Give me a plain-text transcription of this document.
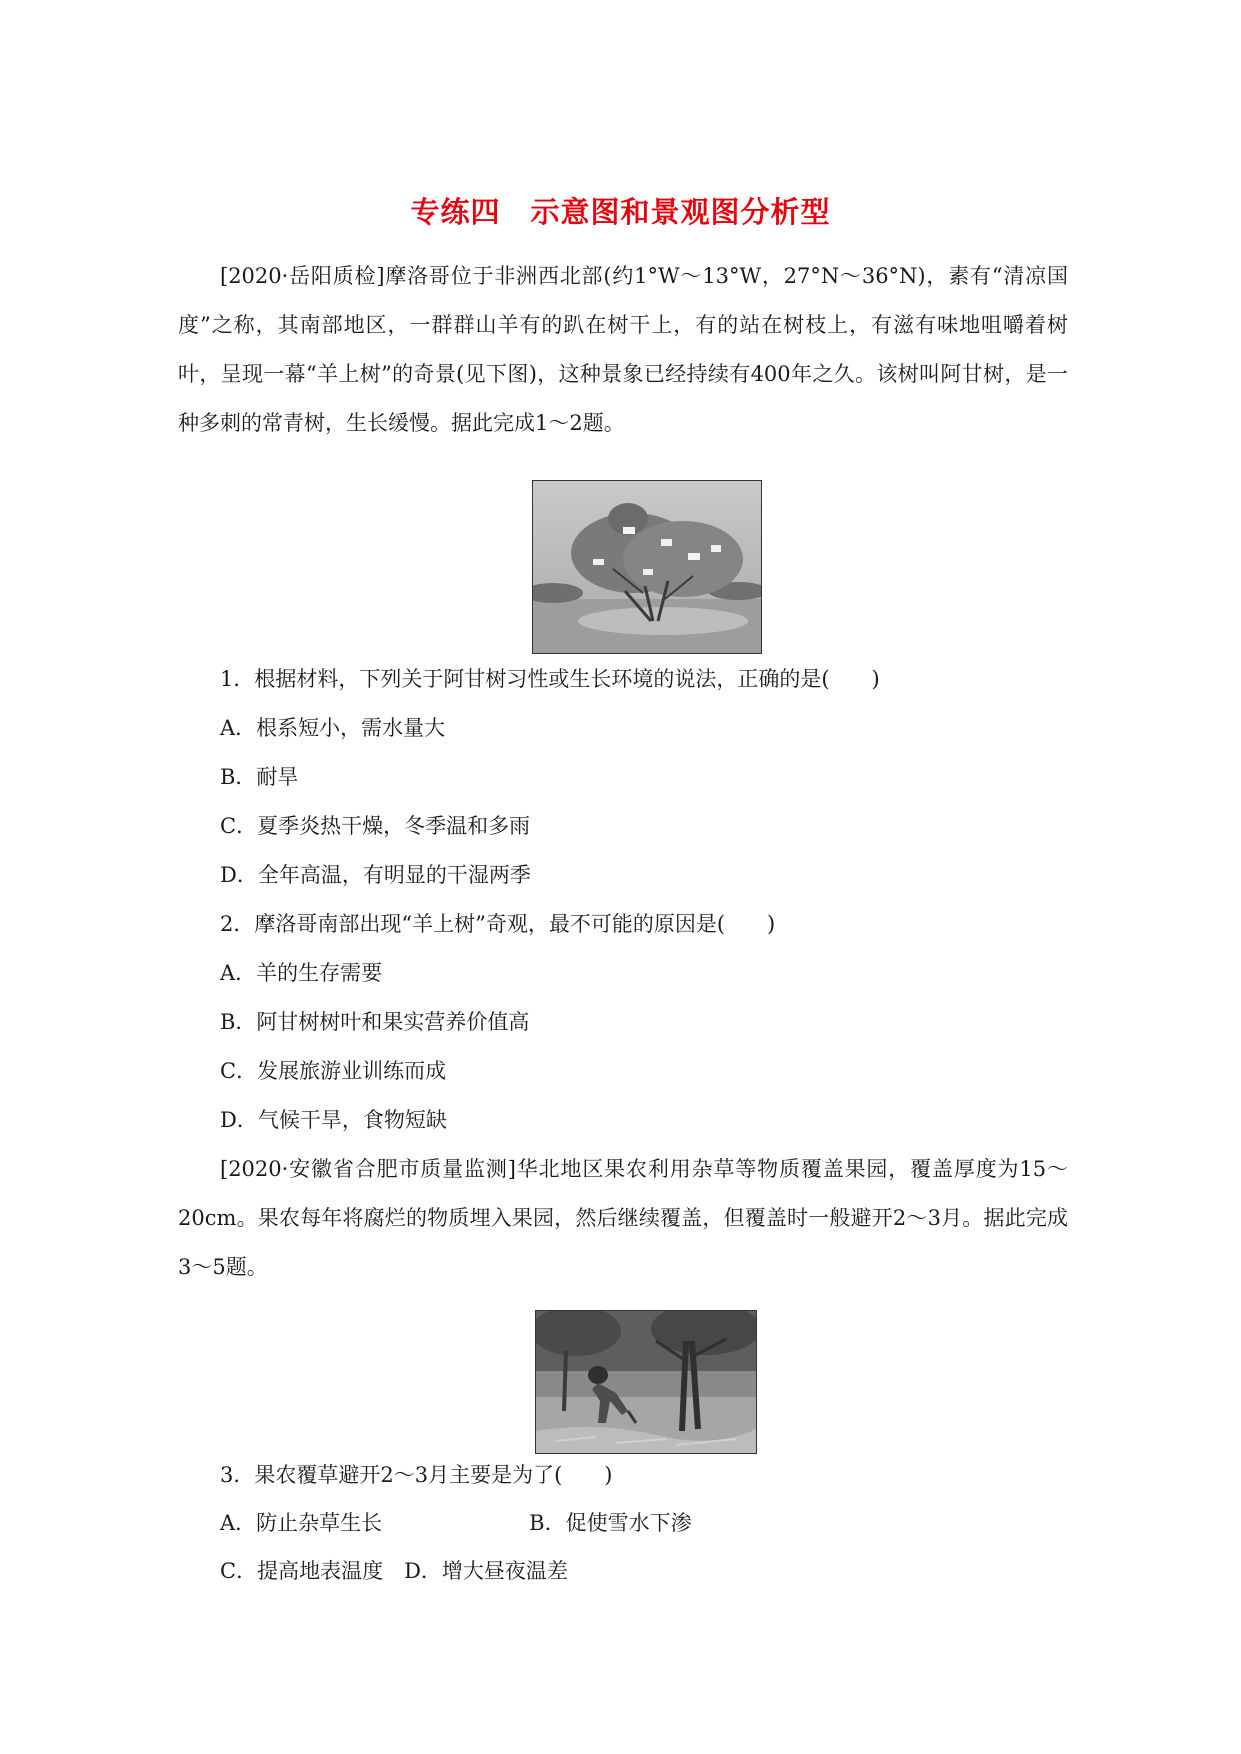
专练四　示意图和景观图分析型
[2020·岳阳质检]摩洛哥位于非洲西北部(约1°W～13°W，27°N～36°N)，素有“清凉国度”之称，其南部地区，一群群山羊有的趴在树干上，有的站在树枝上，有滋有味地咀嚼着树叶，呈现一幕“羊上树”的奇景(见下图)，这种景象已经持续有400年之久。该树叫阿甘树，是一种多刺的常青树，生长缓慢。据此完成1～2题。
1．根据材料，下列关于阿甘树习性或生长环境的说法，正确的是(　　)
A．根系短小，需水量大
B．耐旱
C．夏季炎热干燥，冬季温和多雨
D．全年高温，有明显的干湿两季
2．摩洛哥南部出现“羊上树”奇观，最不可能的原因是(　　)
A．羊的生存需要
B．阿甘树树叶和果实营养价值高
C．发展旅游业训练而成
D．气候干旱，食物短缺
[2020·安徽省合肥市质量监测]华北地区果农利用杂草等物质覆盖果园，覆盖厚度为15～20cm。果农每年将腐烂的物质埋入果园，然后继续覆盖，但覆盖时一般避开2～3月。据此完成3～5题。
3．果农覆草避开2～3月主要是为了(　　)
A．防止杂草生长　　　　　　　B．促使雪水下渗
C．提高地表温度　D．增大昼夜温差
